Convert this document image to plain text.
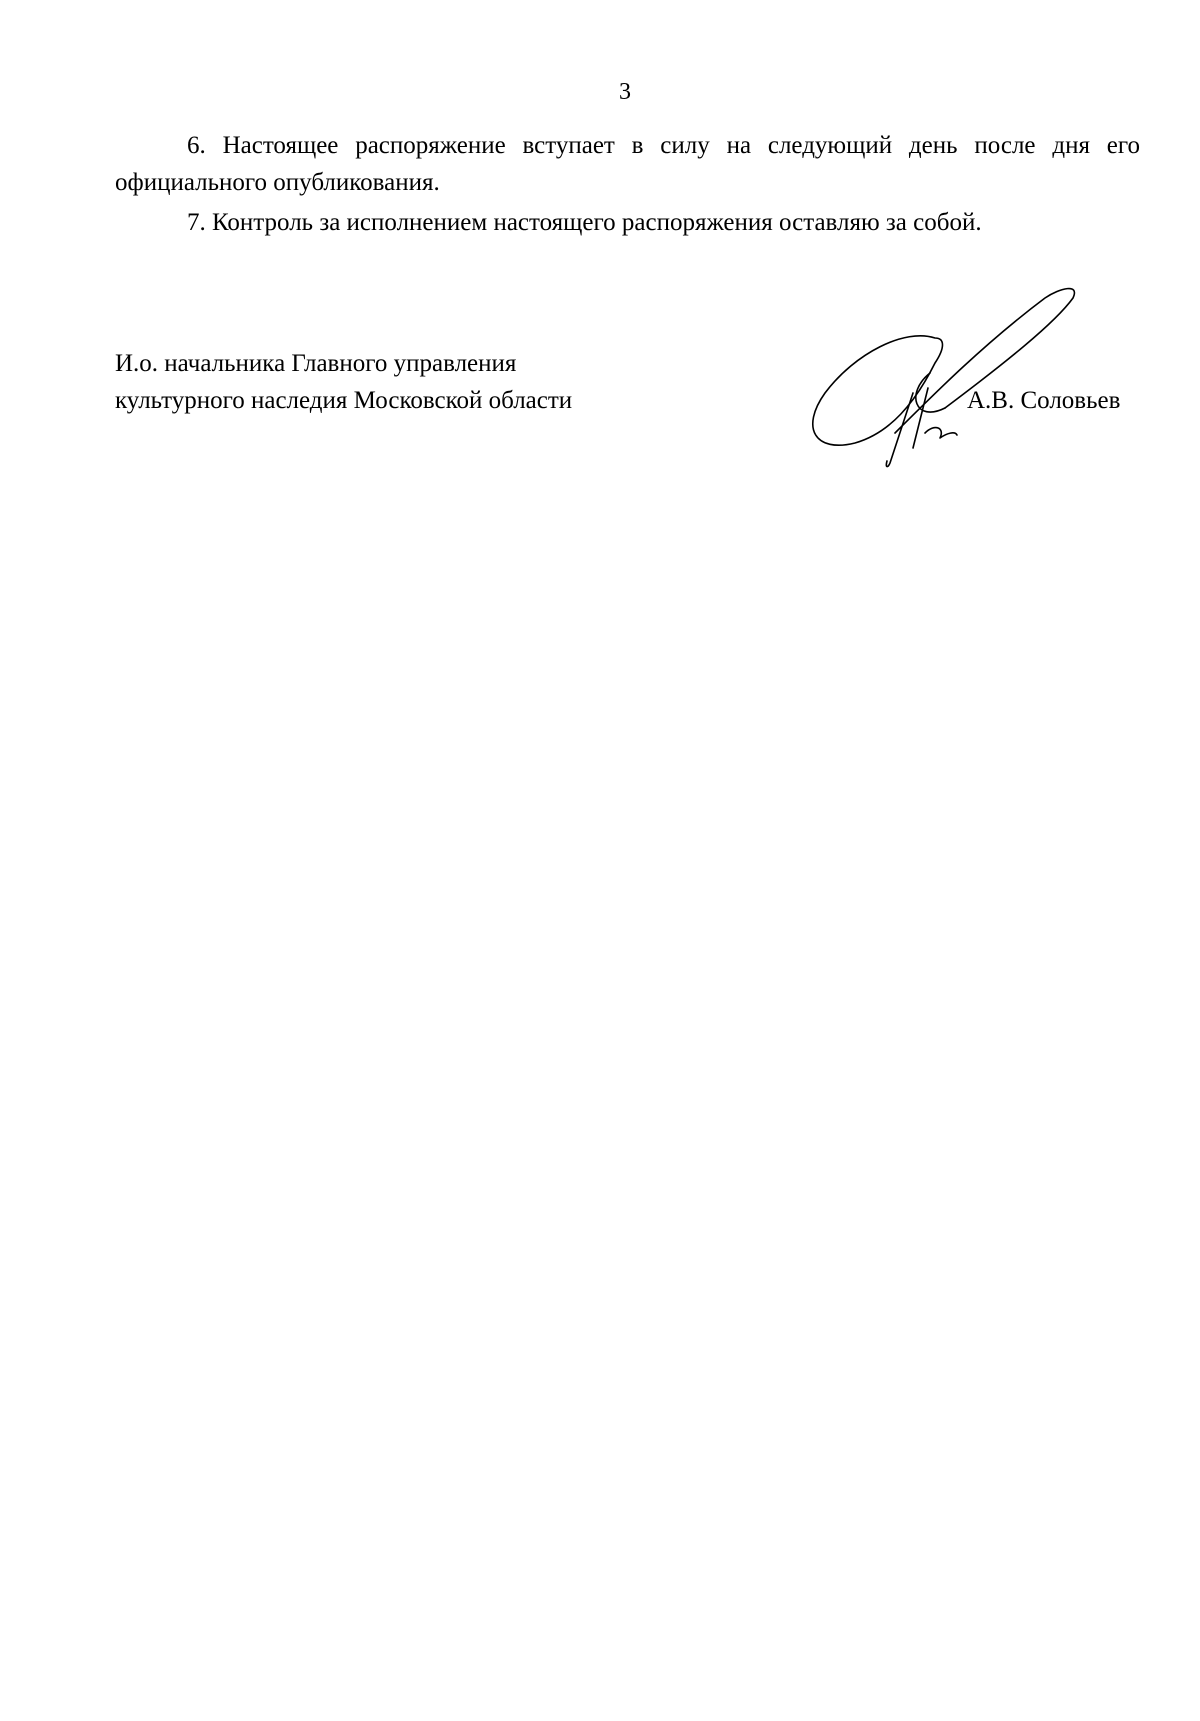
3

6. Настоящее распоряжение вступает в силу на следующий день после дня его официального опубликования.

7. Контроль за исполнением настоящего распоряжения оставляю за собой.

И.о. начальника Главного управления
культурного наследия Московской области	А.В. Соловьев
